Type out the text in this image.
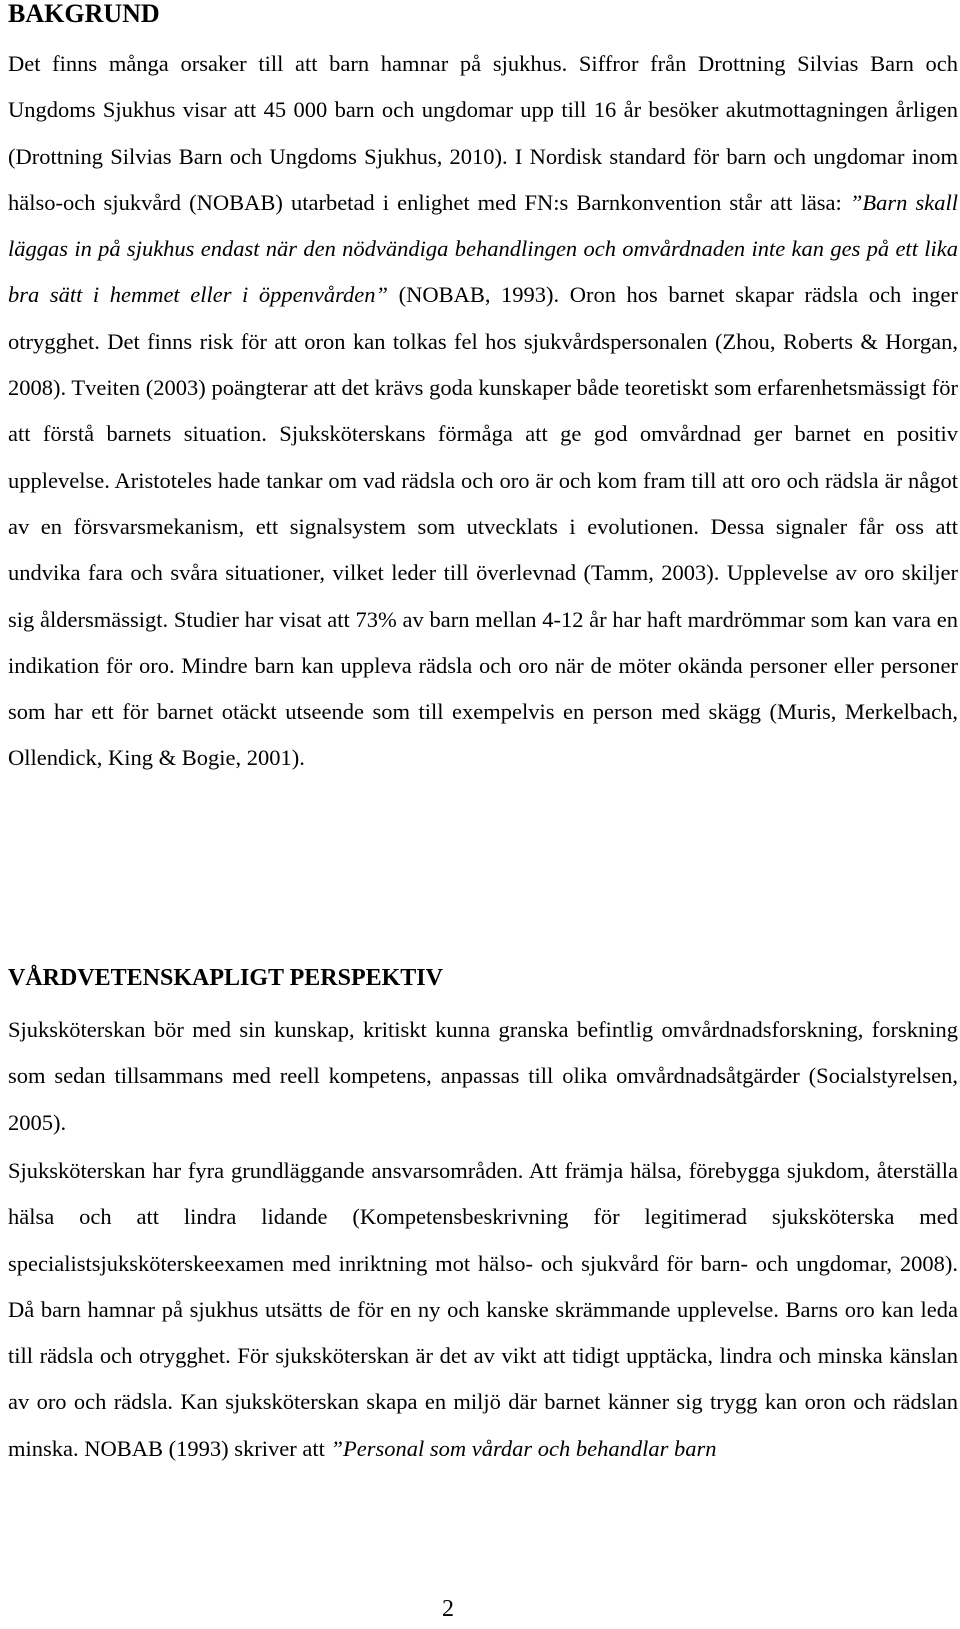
BAKGRUND

Det finns många orsaker till att barn hamnar på sjukhus. Siffror från Drottning Silvias Barn och Ungdoms Sjukhus visar att 45 000 barn och ungdomar upp till 16 år besöker akutmottagningen årligen (Drottning Silvias Barn och Ungdoms Sjukhus, 2010). I Nordisk standard för barn och ungdomar inom hälso-och sjukvård (NOBAB) utarbetad i enlighet med FN:s Barnkonvention står att läsa: ”Barn skall läggas in på sjukhus endast när den nödvändiga behandlingen och omvårdnaden inte kan ges på ett lika bra sätt i hemmet eller i öppenvården” (NOBAB, 1993). Oron hos barnet skapar rädsla och inger otrygghet. Det finns risk för att oron kan tolkas fel hos sjukvårdspersonalen (Zhou, Roberts & Horgan, 2008). Tveiten (2003) poängterar att det krävs goda kunskaper både teoretiskt som erfarenhetsmässigt för att förstå barnets situation. Sjuksköterskans förmåga att ge god omvårdnad ger barnet en positiv upplevelse. Aristoteles hade tankar om vad rädsla och oro är och kom fram till att oro och rädsla är något av en försvarsmekanism, ett signalsystem som utvecklats i evolutionen. Dessa signaler får oss att undvika fara och svåra situationer, vilket leder till överlevnad (Tamm, 2003). Upplevelse av oro skiljer sig åldersmässigt. Studier har visat att 73% av barn mellan 4-12 år har haft mardrömmar som kan vara en indikation för oro. Mindre barn kan uppleva rädsla och oro när de möter okända personer eller personer som har ett för barnet otäckt utseende som till exempelvis en person med skägg (Muris, Merkelbach, Ollendick, King & Bogie, 2001).

VÅRDVETENSKAPLIGT PERSPEKTIV

Sjuksköterskan bör med sin kunskap, kritiskt kunna granska befintlig omvårdnadsforskning, forskning som sedan tillsammans med reell kompetens, anpassas till olika omvårdnadsåtgärder (Socialstyrelsen, 2005).

Sjuksköterskan har fyra grundläggande ansvarsområden. Att främja hälsa, förebygga sjukdom, återställa hälsa och att lindra lidande (Kompetensbeskrivning för legitimerad sjuksköterska med specialistsjuksköterskeexamen med inriktning mot hälso- och sjukvård för barn- och ungdomar, 2008). Då barn hamnar på sjukhus utsätts de för en ny och kanske skrämmande upplevelse. Barns oro kan leda till rädsla och otrygghet. För sjuksköterskan är det av vikt att tidigt upptäcka, lindra och minska känslan av oro och rädsla. Kan sjuksköterskan skapa en miljö där barnet känner sig trygg kan oron och rädslan minska. NOBAB (1993) skriver att ”Personal som vårdar och behandlar barn

2
